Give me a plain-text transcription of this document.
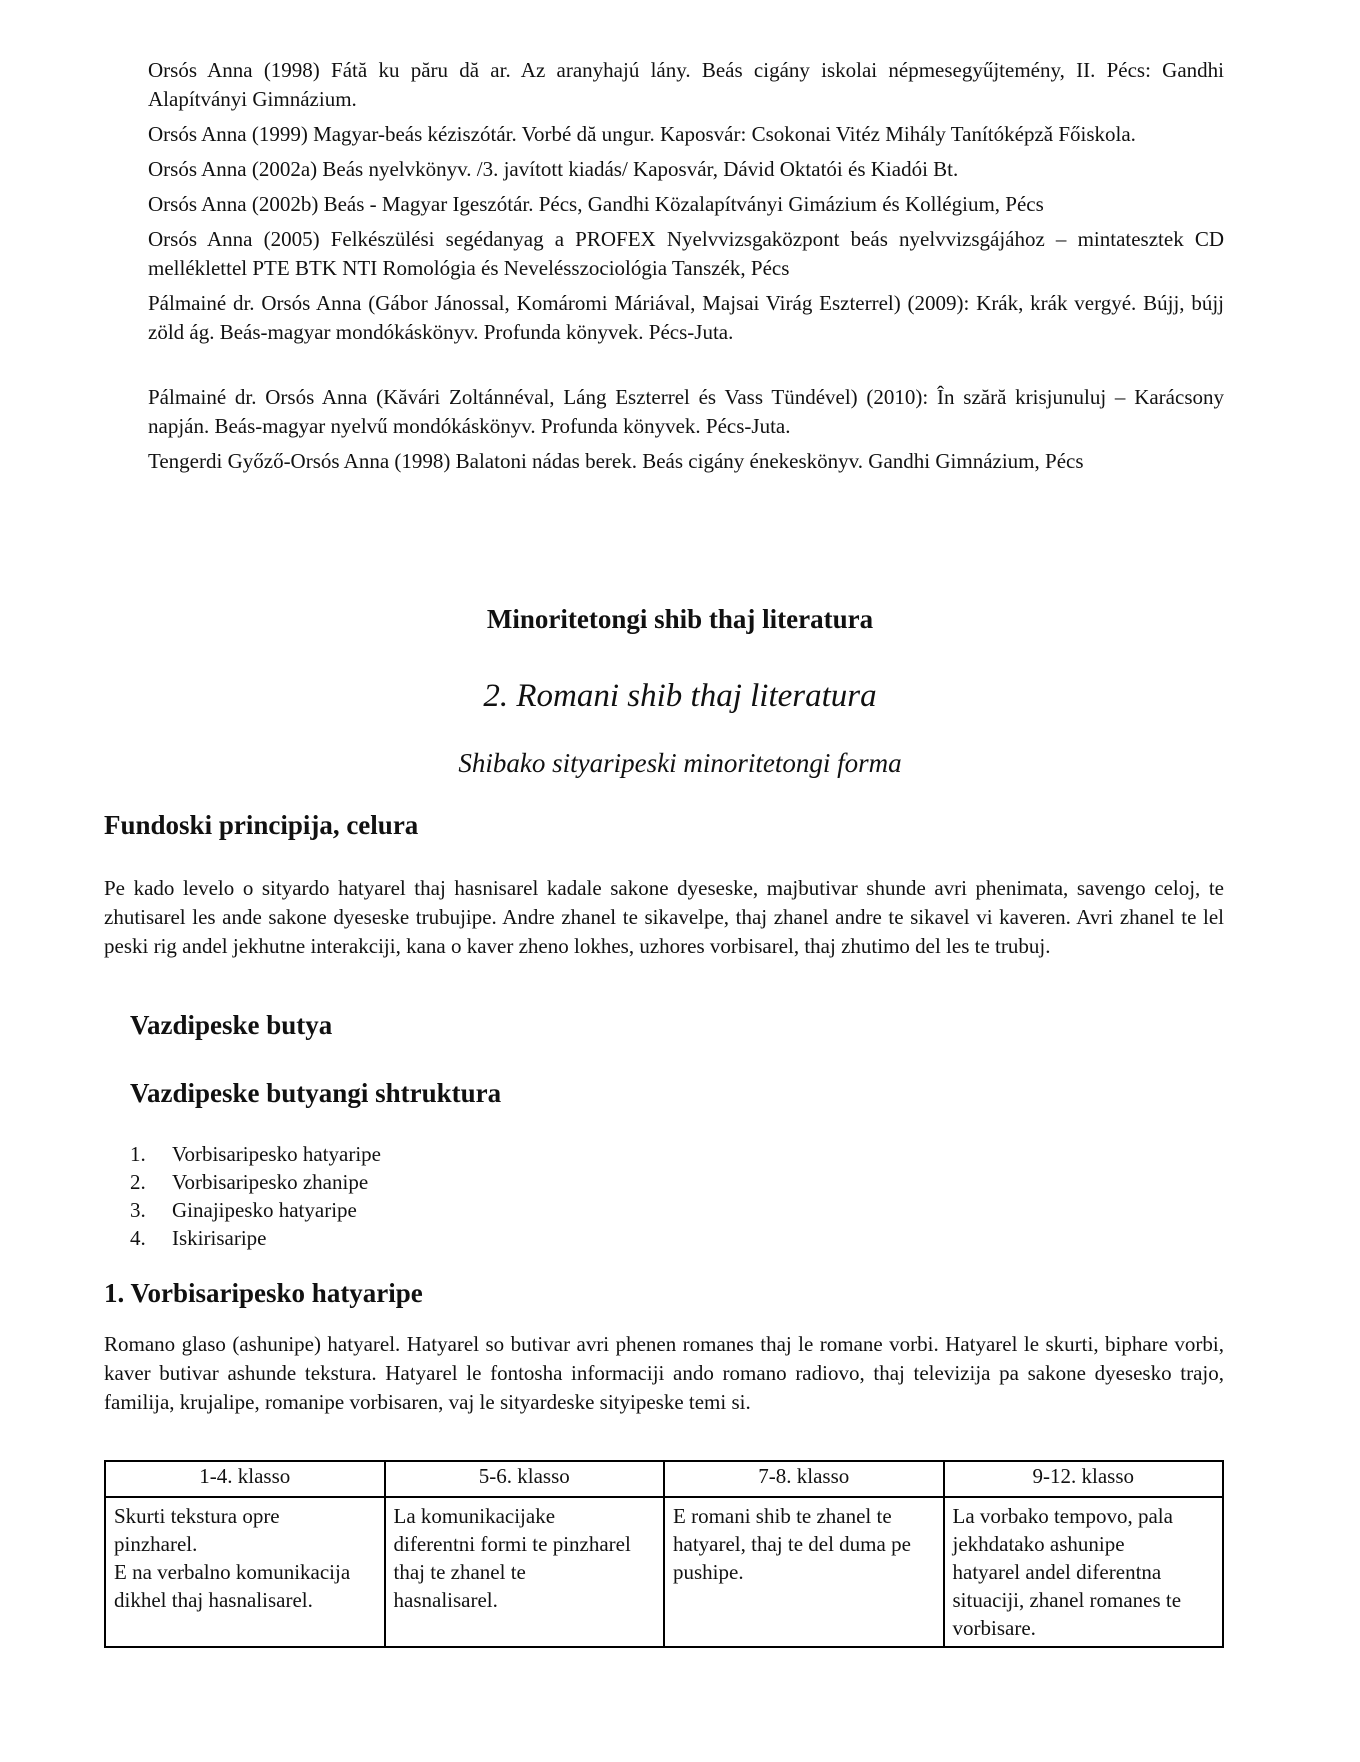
Orsós Anna (1998) Fátă ku păru dă ar. Az aranyhajú lány. Beás cigány iskolai népmesegyűjtemény, II. Pécs: Gandhi Alapítványi Gimnázium.

Orsós Anna (1999) Magyar-beás kéziszótár. Vorbé dă ungur. Kaposvár: Csokonai Vitéz Mihály Tanítóképzǎ Főiskola.

Orsós Anna (2002a) Beás nyelvkönyv. /3. javított kiadás/ Kaposvár, Dávid Oktatói és Kiadói Bt.

Orsós Anna (2002b) Beás - Magyar Igeszótár. Pécs, Gandhi Közalapítványi Gimázium és Kollégium, Pécs

Orsós Anna (2005) Felkészülési segédanyag a PROFEX Nyelvvizsgaközpont beás nyelvvizsgájához – mintatesztek CD melléklettel PTE BTK NTI Romológia és Nevelésszociológia Tanszék, Pécs

Pálmainé dr. Orsós Anna (Gábor Jánossal, Komáromi Máriával, Majsai Virág Eszterrel) (2009): Krák, krák vergyé. Bújj, bújj zöld ág. Beás-magyar mondókáskönyv. Profunda könyvek. Pécs-Juta.

Pálmainé dr. Orsós Anna (Kăvári Zoltánnéval, Láng Eszterrel és Vass Tündével) (2010): În szără krisjunuluj – Karácsony napján. Beás-magyar nyelvű mondókáskönyv. Profunda könyvek. Pécs-Juta.

Tengerdi Győző-Orsós Anna (1998) Balatoni nádas berek. Beás cigány énekeskönyv. Gandhi Gimnázium, Pécs

Minoritetongi shib thaj literatura
2. Romani shib thaj literatura
Shibako sityaripeski minoritetongi forma
Fundoski principija, celura

Pe kado levelo o sityardo hatyarel thaj hasnisarel kadale sakone dyeseske, majbutivar shunde avri phenimata, savengo celoj, te zhutisarel les ande sakone dyeseske trubujipe. Andre zhanel te sikavelpe, thaj zhanel andre te sikavel vi kaveren. Avri zhanel te lel peski rig andel jekhutne interakciji, kana o kaver zheno lokhes, uzhores vorbisarel, thaj zhutimo del les te trubuj.

Vazdipeske butya
Vazdipeske butyangi shtruktura
1.	Vorbisaripesko hatyaripe
2.	Vorbisaripesko zhanipe
3.	Ginajipesko hatyaripe
4.	Iskirisaripe
1. Vorbisaripesko hatyaripe

Romano glaso (ashunipe) hatyarel. Hatyarel so butivar avri phenen romanes thaj le romane vorbi. Hatyarel le skurti, biphare vorbi, kaver butivar ashunde tekstura. Hatyarel le fontosha informaciji ando romano radiovo, thaj televizija pa sakone dyesesko trajo, familija, krujalipe, romanipe vorbisaren, vaj le sityardeske sityipeske temi si.

1-4. klasso	5-6. klasso	7-8. klasso	9-12. klasso

Skurti tekstura opre
pinzharel.
E na verbalno komunikacija
dikhel thaj hasnalisarel.	La komunikacijake
diferentni formi te pinzharel
thaj te zhanel te
hasnalisarel.	E romani shib te zhanel te
hatyarel, thaj te del duma pe
pushipe.	La vorbako tempovo, pala
jekhdatako ashunipe
hatyarel andel diferentna
situaciji, zhanel romanes te
vorbisare.
